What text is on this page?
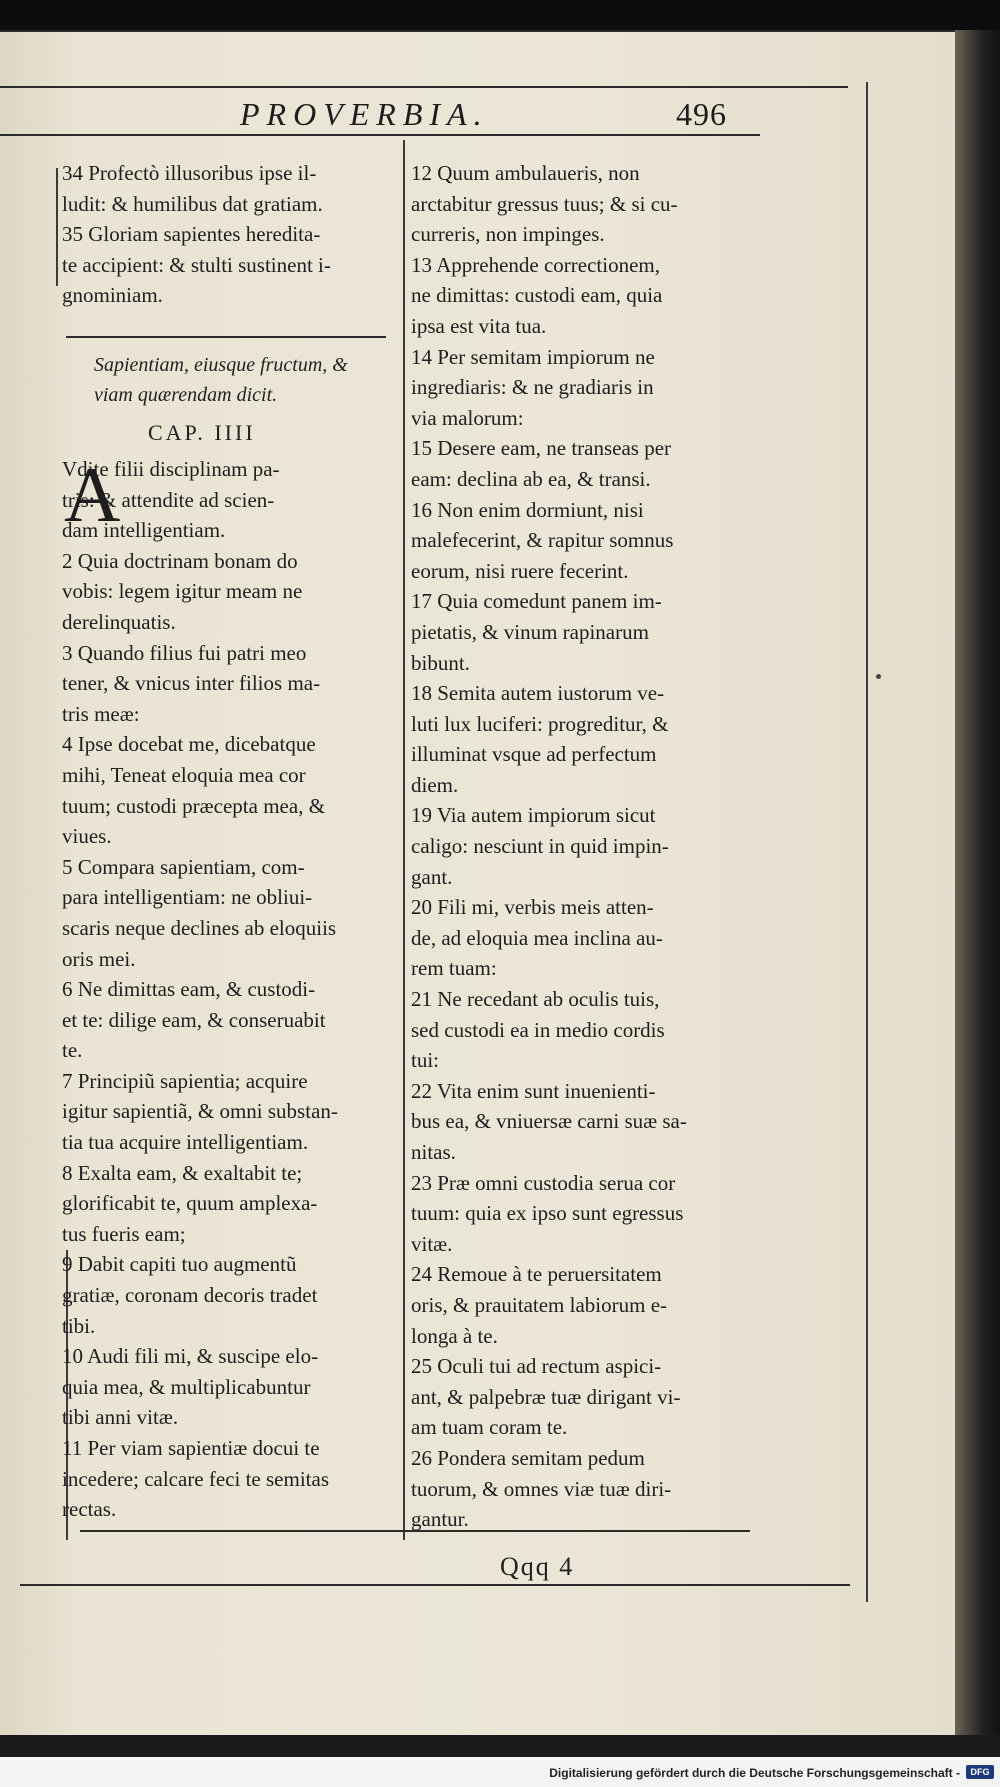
PROVERBIA.	496
34 Profectò illusoribus ipse il-
ludit: & humilibus dat gratiam.
35 Gloriam sapientes heredita-
te accipient: & stulti sustinent i-
gnominiam.
Sapientiam, eiusque fructum, &
viam quærendam dicit.
CAP. IIII
A
Vdite filii disciplinam pa-
tris: & attendite ad scien-
dam intelligentiam.
2 Quia doctrinam bonam do
vobis: legem igitur meam ne
derelinquatis.
3 Quando filius fui patri meo
tener, & vnicus inter filios ma-
tris meæ:
4 Ipse docebat me, dicebatque
mihi, Teneat eloquia mea cor
tuum; custodi præcepta mea, &
viues.
5 Compara sapientiam, com-
para intelligentiam: ne obliui-
scaris neque declines ab eloquiis
oris mei.
6 Ne dimittas eam, & custodi-
et te: dilige eam, & conseruabit
te.
7 Principiũ sapientia; acquire
igitur sapientiã, & omni substan-
tia tua acquire intelligentiam.
8 Exalta eam, & exaltabit te;
glorificabit te, quum amplexa-
tus fueris eam;
9 Dabit capiti tuo augmentũ
gratiæ, coronam decoris tradet
tibi.
10 Audi fili mi, & suscipe elo-
quia mea, & multiplicabuntur
tibi anni vitæ.
11 Per viam sapientiæ docui te
incedere; calcare feci te semitas
rectas.
12 Quum ambulaueris, non
arctabitur gressus tuus; & si cu-
curreris, non impinges.
13 Apprehende correctionem,
ne dimittas: custodi eam, quia
ipsa est vita tua.
14 Per semitam impiorum ne
ingrediaris: & ne gradiaris in
via malorum:
15 Desere eam, ne transeas per
eam: declina ab ea, & transi.
16 Non enim dormiunt, nisi
malefecerint, & rapitur somnus
eorum, nisi ruere fecerint.
17 Quia comedunt panem im-
pietatis, & vinum rapinarum
bibunt.
18 Semita autem iustorum ve-
luti lux luciferi: progreditur, &
illuminat vsque ad perfectum
diem.
19 Via autem impiorum sicut
caligo: nesciunt in quid impin-
gant.
20 Fili mi, verbis meis atten-
de, ad eloquia mea inclina au-
rem tuam:
21 Ne recedant ab oculis tuis,
sed custodi ea in medio cordis
tui:
22 Vita enim sunt inuenienti-
bus ea, & vniuersæ carni suæ sa-
nitas.
23 Præ omni custodia serua cor
tuum: quia ex ipso sunt egressus
vitæ.
24 Remoue à te peruersitatem
oris, & prauitatem labiorum e-
longa à te.
25 Oculi tui ad rectum aspici-
ant, & palpebræ tuæ dirigant vi-
am tuam coram te.
26 Pondera semitam pedum
tuorum, & omnes viæ tuæ diri-
gantur.
Qqq 4
Digitalisierung gefördert durch die Deutsche Forschungsgemeinschaft -	DFG
